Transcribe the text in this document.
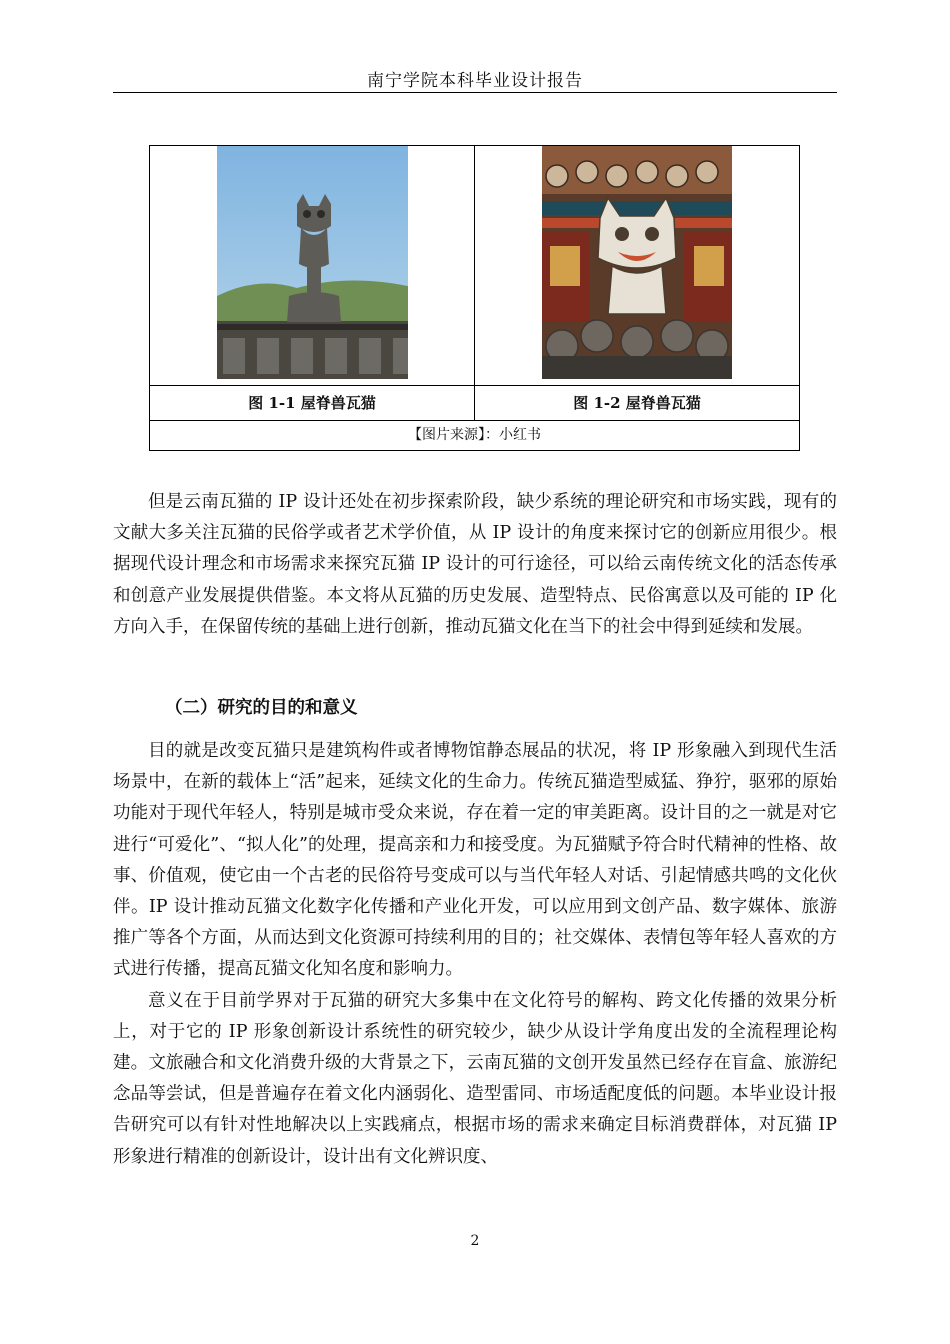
南宁学院本科毕业设计报告
图 1-1 屋脊兽瓦猫	图 1-2 屋脊兽瓦猫
【图片来源】：小红书

但是云南瓦猫的 IP 设计还处在初步探索阶段，缺少系统的理论研究和市场实践，现有的文献大多关注瓦猫的民俗学或者艺术学价值，从 IP 设计的角度来探讨它的创新应用很少。根据现代设计理念和市场需求来探究瓦猫 IP 设计的可行途径，可以给云南传统文化的活态传承和创意产业发展提供借鉴。本文将从瓦猫的历史发展、造型特点、民俗寓意以及可能的 IP 化方向入手，在保留传统的基础上进行创新，推动瓦猫文化在当下的社会中得到延续和发展。

（二）研究的目的和意义

目的就是改变瓦猫只是建筑构件或者博物馆静态展品的状况，将 IP 形象融入到现代生活场景中，在新的载体上“活”起来，延续文化的生命力。传统瓦猫造型威猛、狰狞，驱邪的原始功能对于现代年轻人，特别是城市受众来说，存在着一定的审美距离。设计目的之一就是对它进行“可爱化”、“拟人化”的处理，提高亲和力和接受度。为瓦猫赋予符合时代精神的性格、故事、价值观，使它由一个古老的民俗符号变成可以与当代年轻人对话、引起情感共鸣的文化伙伴。IP 设计推动瓦猫文化数字化传播和产业化开发，可以应用到文创产品、数字媒体、旅游推广等各个方面，从而达到文化资源可持续利用的目的；社交媒体、表情包等年轻人喜欢的方式进行传播，提高瓦猫文化知名度和影响力。

意义在于目前学界对于瓦猫的研究大多集中在文化符号的解构、跨文化传播的效果分析上，对于它的 IP 形象创新设计系统性的研究较少，缺少从设计学角度出发的全流程理论构建。文旅融合和文化消费升级的大背景之下，云南瓦猫的文创开发虽然已经存在盲盒、旅游纪念品等尝试，但是普遍存在着文化内涵弱化、造型雷同、市场适配度低的问题。本毕业设计报告研究可以有针对性地解决以上实践痛点，根据市场的需求来确定目标消费群体，对瓦猫 IP 形象进行精准的创新设计，设计出有文化辨识度、

2
